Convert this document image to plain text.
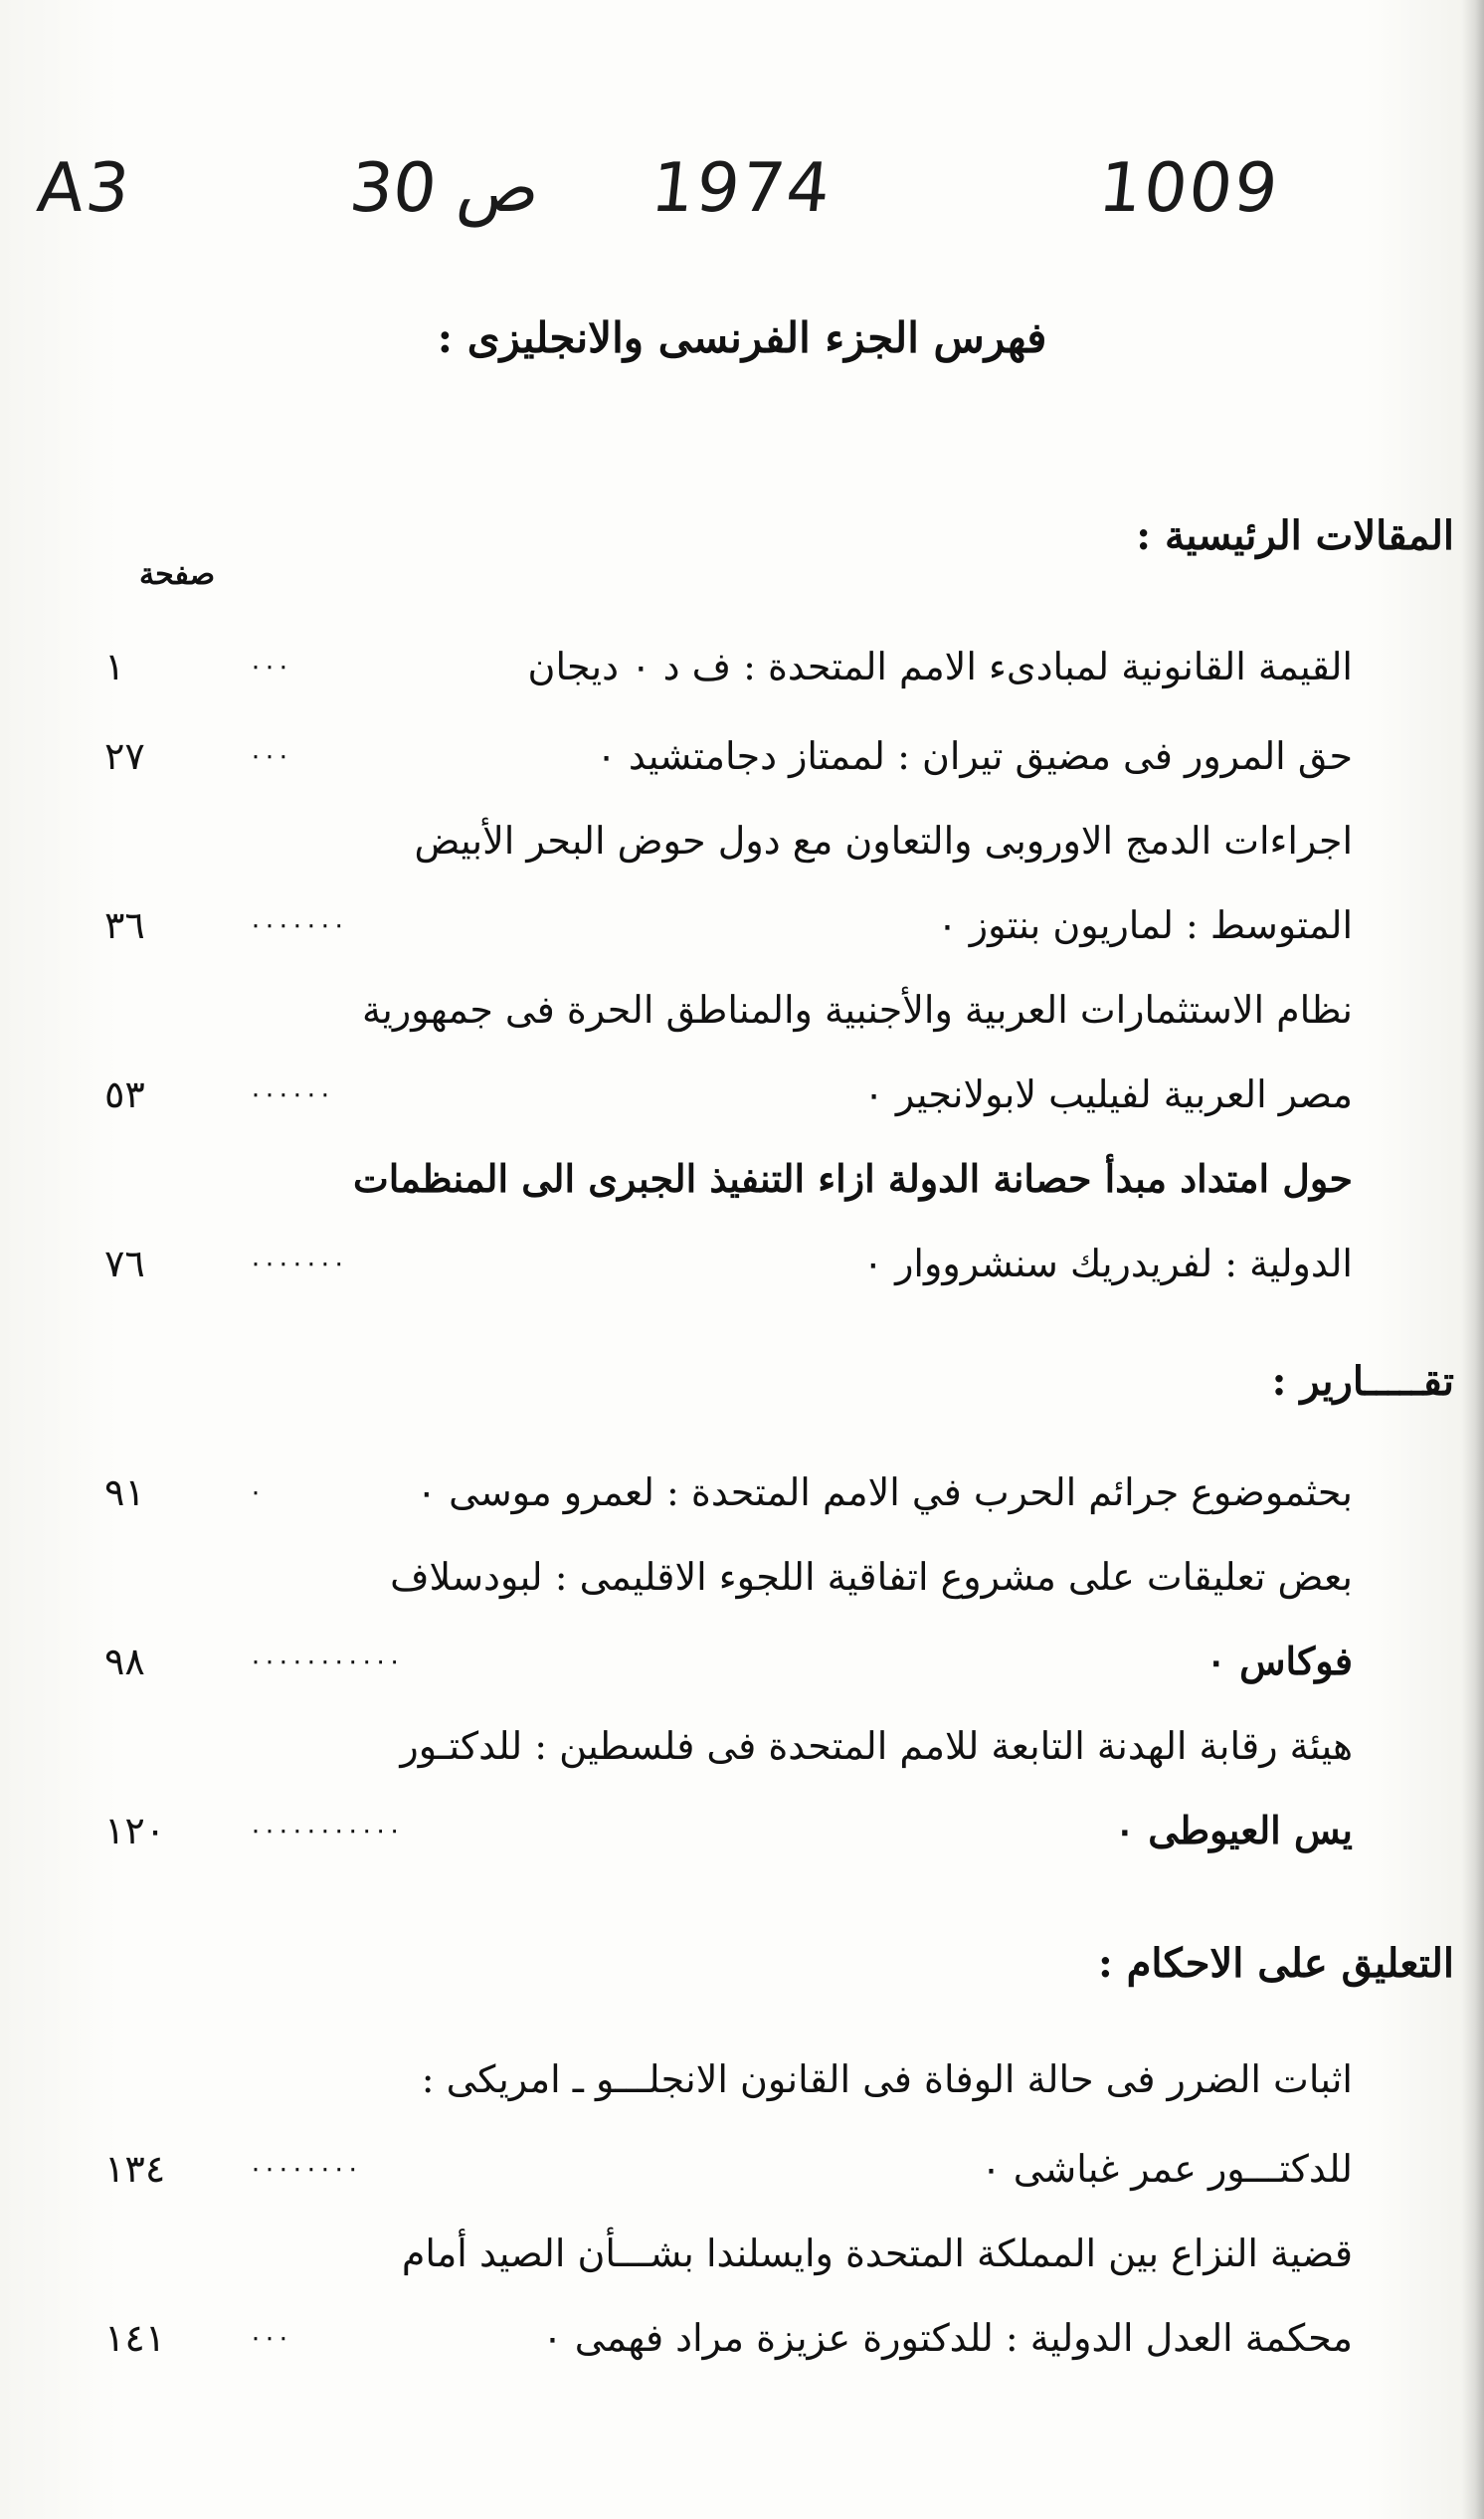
A3	30 ص 1974	1009
فهرس الجزء الفرنسى والانجليزى :
المقالات الرئيسية :
صفحة
القيمة القانونية لمبادىء الامم المتحدة : ف د ٠ ديجان
٠٠٠
١
حق المرور فى مضيق تيران : لممتاز دجامتشيد ٠
٠٠٠
٢٧
اجراءات الدمج الاوروبى والتعاون مع دول حوض البحر الأبيض
المتوسط : لماريون بنتوز ٠
٠٠٠٠٠٠٠
٣٦
نظام الاستثمارات العربية والأجنبية والمناطق الحرة فى جمهورية
مصر العربية لفيليب لابولانجير ٠
٠٠٠٠٠٠
٥٣
حول امتداد مبدأ حصانة الدولة ازاء التنفيذ الجبرى الى المنظمات
الدولية : لفريدريك سنشرووار ٠
٠٠٠٠٠٠٠
٧٦
تقـــــارير :
بحثموضوع جرائم الحرب في الامم المتحدة : لعمرو موسى ٠
٠
٩١
بعض تعليقات على مشروع اتفاقية اللجوء الاقليمى : لبودسلاف
فوكاس ٠
٠٠٠٠٠٠٠٠٠٠٠
٩٨
هيئة رقابة الهدنة التابعة للامم المتحدة فى فلسطين : للدكتـور
يس العيوطى ٠
٠٠٠٠٠٠٠٠٠٠٠
١٢٠
التعليق على الاحكام :
اثبات الضرر فى حالة الوفاة فى القانون الانجلـــو ـ امريكى :
للدكتـــور عمر غباشى ٠
٠٠٠٠٠٠٠٠
١٣٤
قضية النزاع بين المملكة المتحدة وايسلندا بشـــأن الصيد أمام
محكمة العدل الدولية : للدكتورة عزيزة مراد فهمى ٠
٠٠٠
١٤١
